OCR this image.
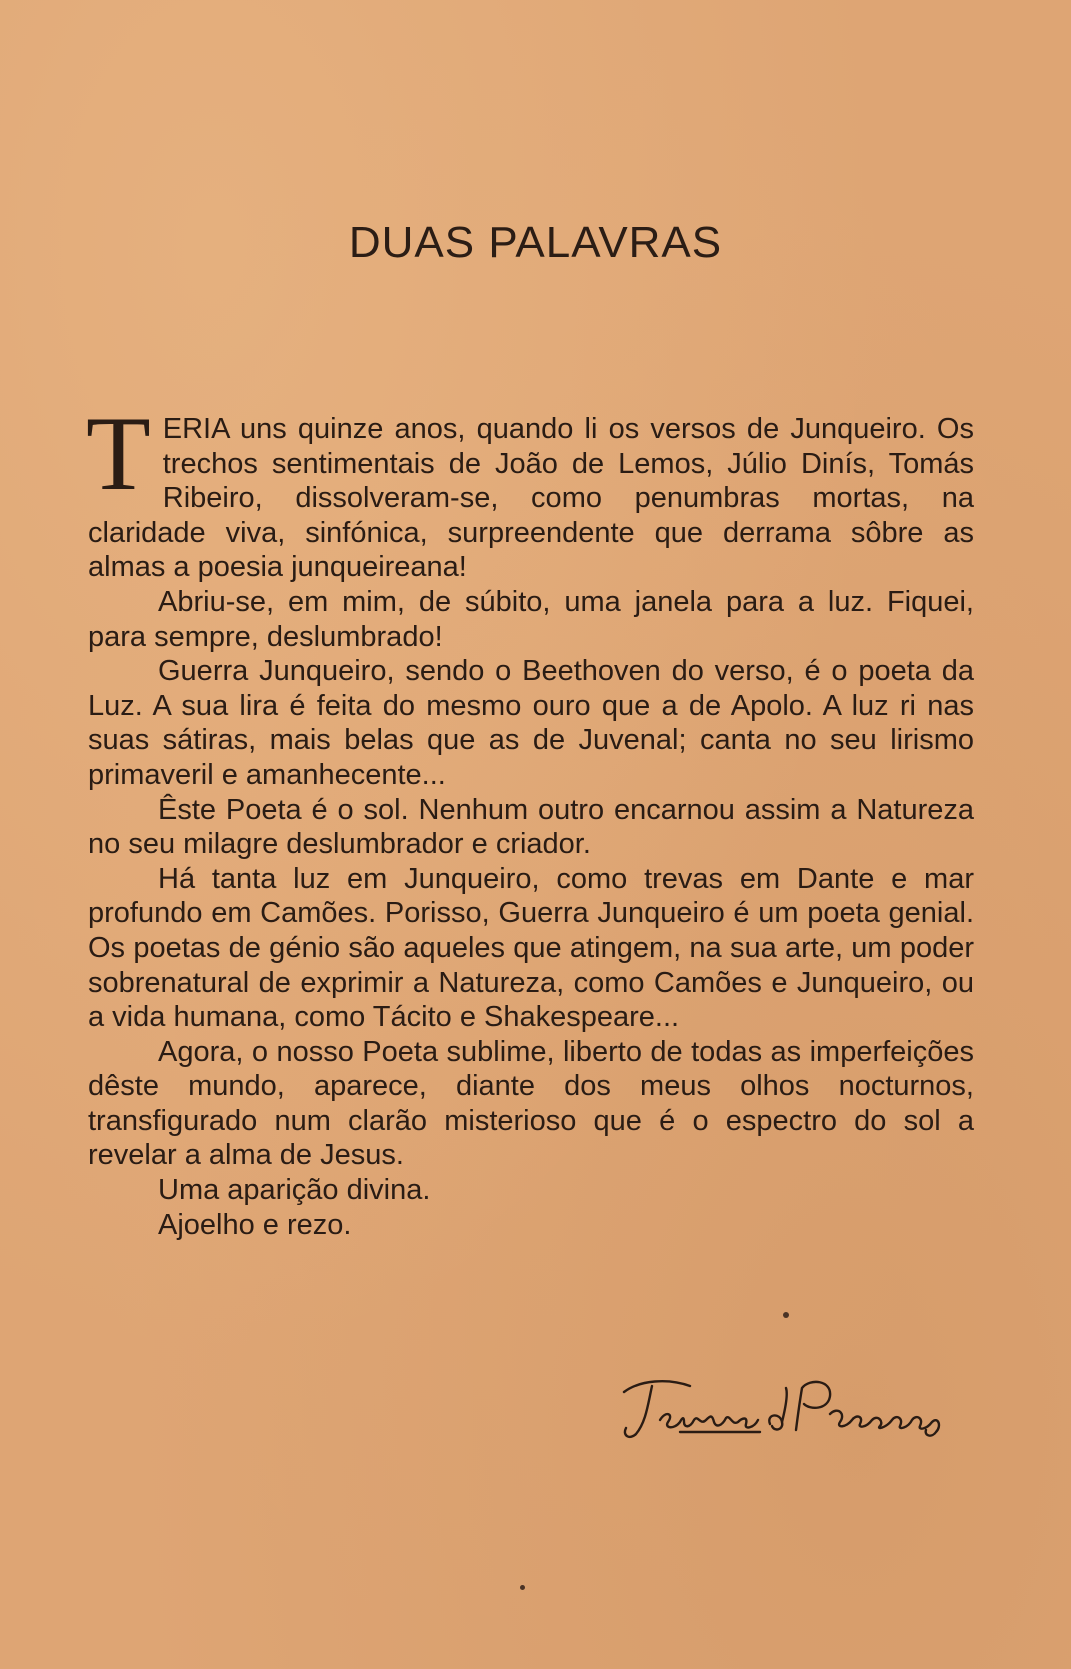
DUAS PALAVRAS

TERIA uns quinze anos, quando li os versos de Junqueiro. Os trechos sentimentais de João de Lemos, Júlio Dinís, Tomás Ribeiro, dissolveram-se, como penumbras mortas, na claridade viva, sinfónica, surpreendente que derrama sôbre as almas a poesia junqueireana!

Abriu-se, em mim, de súbito, uma janela para a luz. Fiquei, para sempre, deslumbrado!

Guerra Junqueiro, sendo o Beethoven do verso, é o poeta da Luz. A sua lira é feita do mesmo ouro que a de Apolo. A luz ri nas suas sátiras, mais belas que as de Juvenal; canta no seu lirismo primaveril e amanhecente...

Êste Poeta é o sol. Nenhum outro encarnou assim a Natureza no seu milagre deslumbrador e criador.

Há tanta luz em Junqueiro, como trevas em Dante e mar profundo em Camões. Porisso, Guerra Junqueiro é um poeta genial. Os poetas de génio são aqueles que atingem, na sua arte, um poder sobrenatural de exprimir a Natureza, como Camões e Junqueiro, ou a vida humana, como Tácito e Shakespeare...

Agora, o nosso Poeta sublime, liberto de todas as imperfeições dêste mundo, aparece, diante dos meus olhos nocturnos, transfigurado num clarão misterioso que é o espectro do sol a revelar a alma de Jesus.

Uma aparição divina.

Ajoelho e rezo.
